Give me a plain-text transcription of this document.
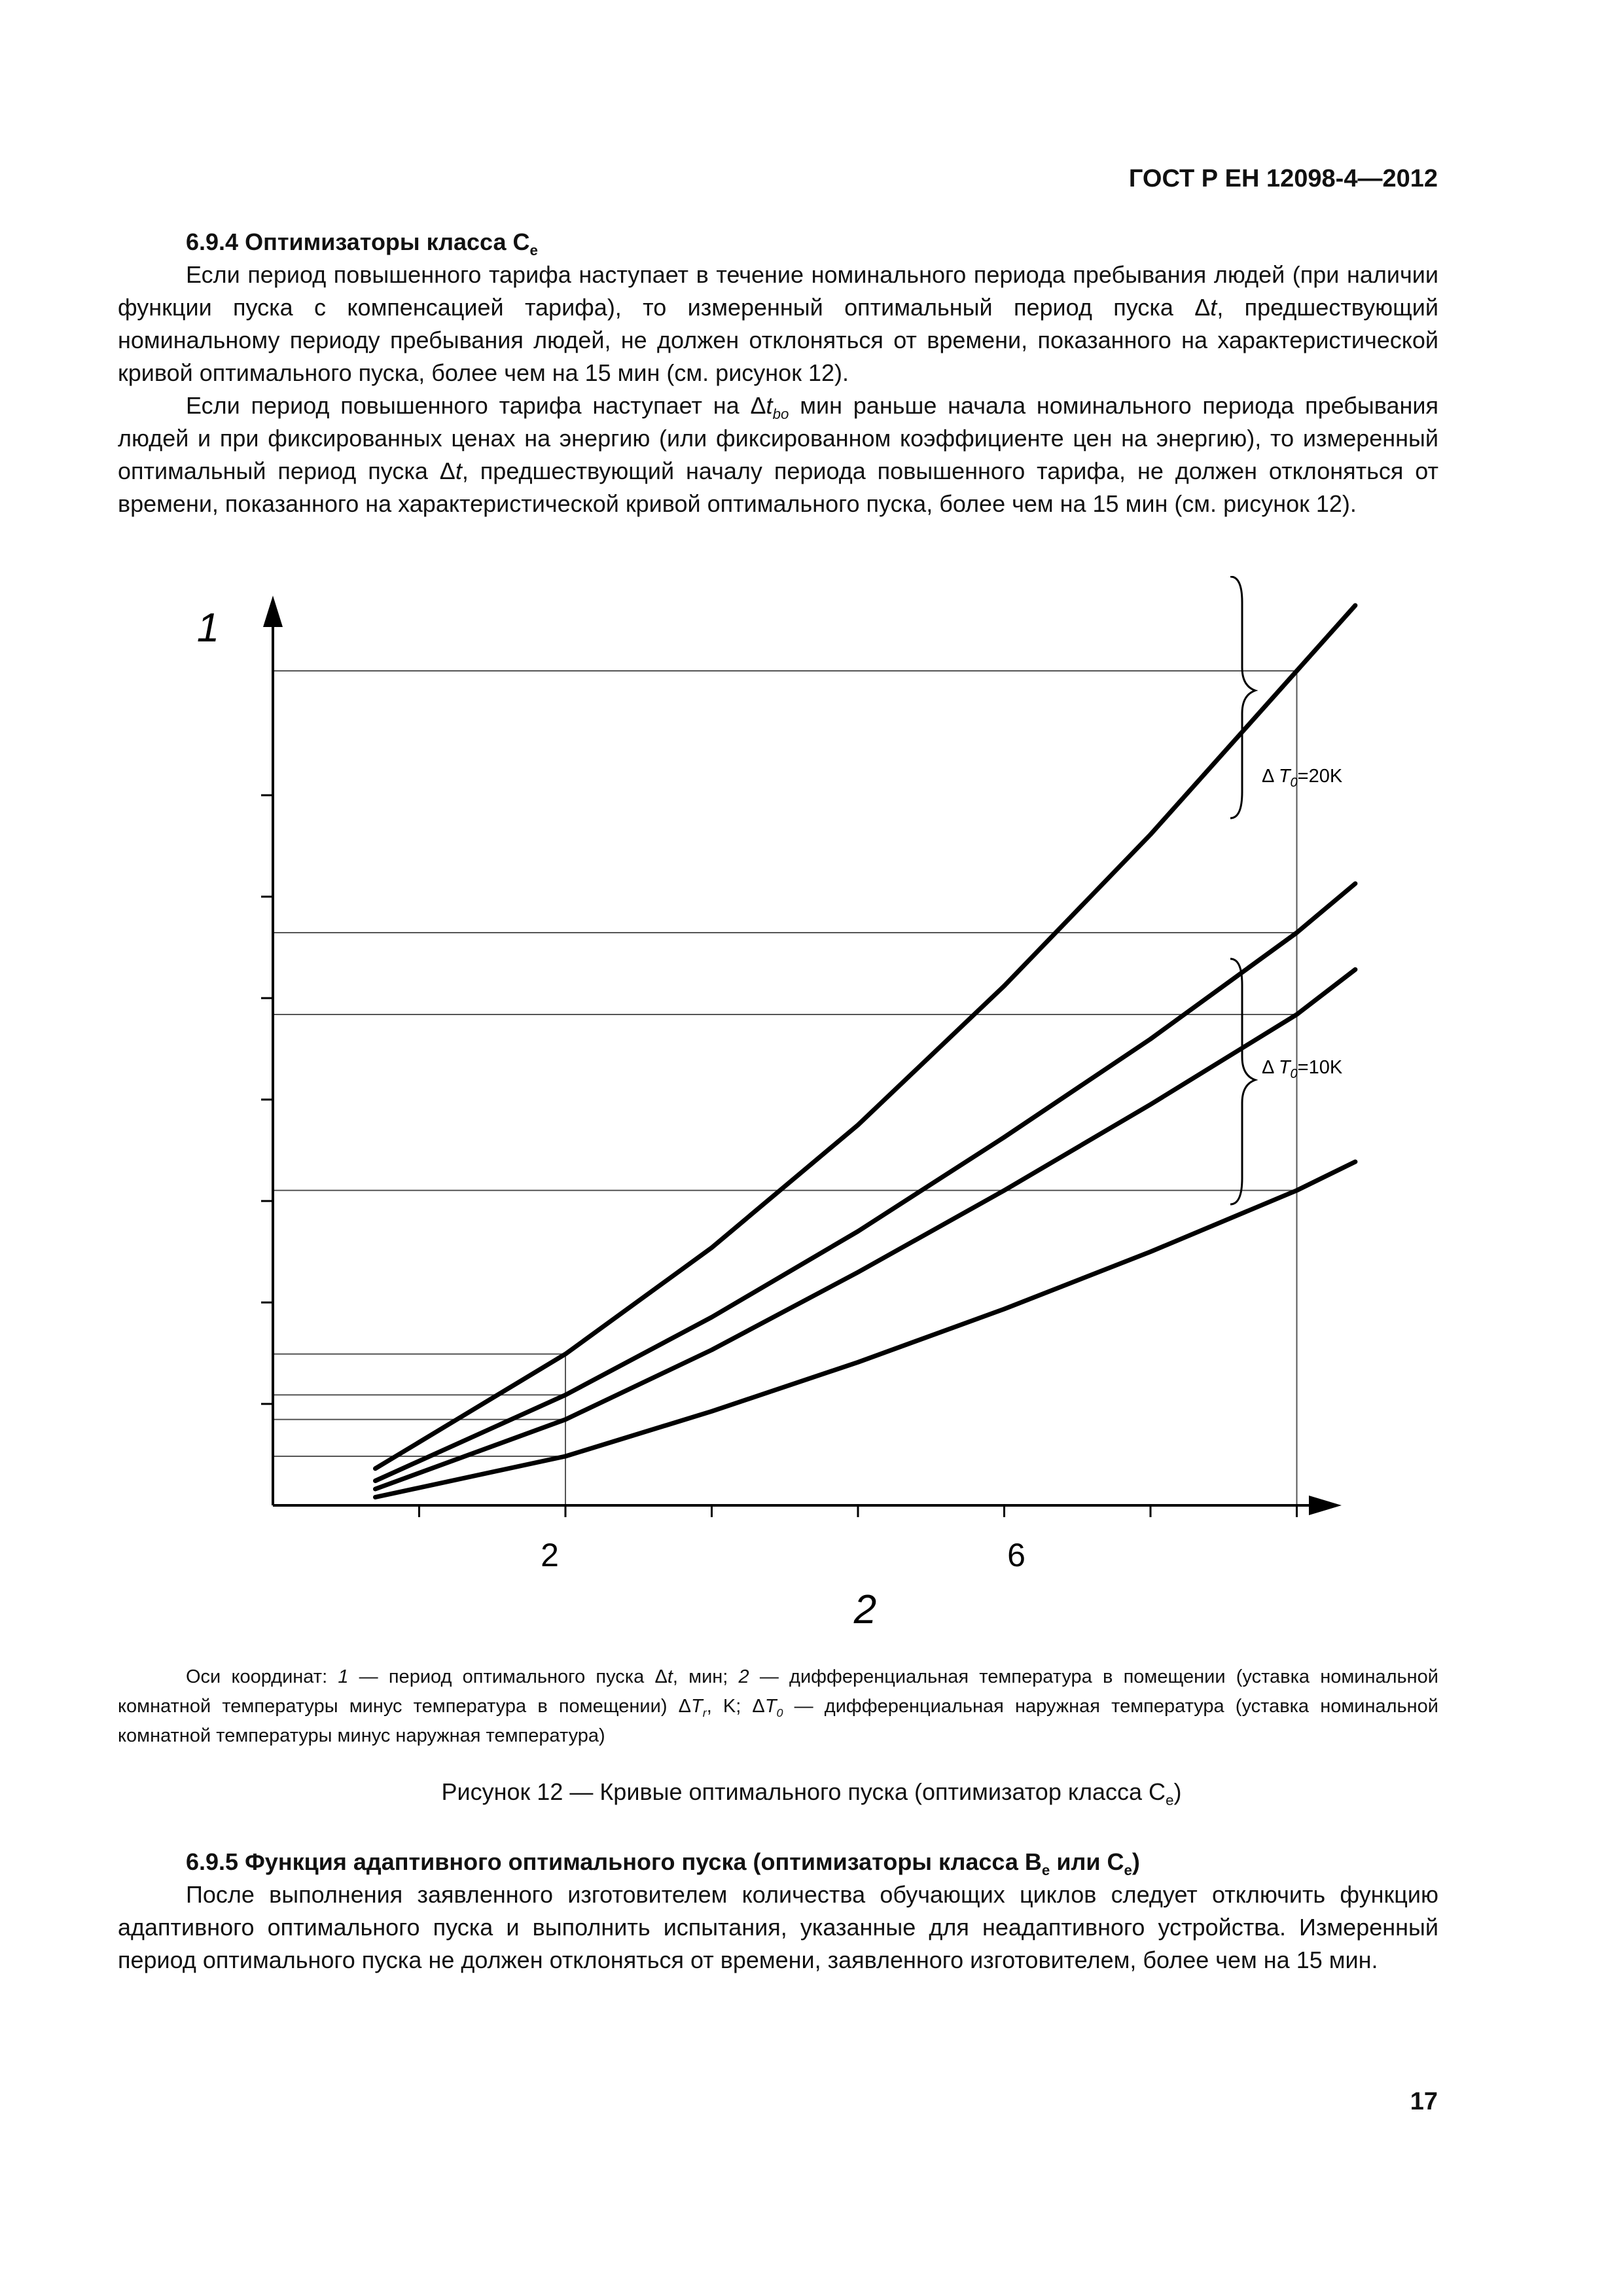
ГОСТ Р ЕН 12098-4—2012
6.9.4 Оптимизаторы класса $C_e$

Если период повышенного тарифа наступает в течение номинального периода пребывания людей (при наличии функции пуска с компенсацией тарифа), то измеренный оптимальный период пуска Δt, предшествующий номинальному периоду пребывания людей, не должен отклоняться от времени, показанного на характеристической кривой оптимального пуска, более чем на 15 мин (см. рисунок 12).

Если период повышенного тарифа наступает на $\Delta t_{bo}$ мин раньше начала номинального периода пребывания людей и при фиксированных ценах на энергию (или фиксированном коэффициенте цен на энергию), то измеренный оптимальный период пуска Δt, предшествующий началу периода повышенного тарифа, не должен отклоняться от времени, показанного на характеристической кривой оптимального пуска, более чем на 15 мин (см. рисунок 12).

Δ $T_0=20K$
Δ $T_0=10K$
2	6
1
2
Оси координат: 1 — период оптимального пуска Δt, мин; 2 — дифференциальная температура в помещении (уставка номинальной комнатной температуры минус температура в помещении) $\Delta T_r$, K; $\Delta T_0$ — дифференциальная наружная температура (уставка номинальной комнатной температуры минус наружная температура)
Рисунок 12 — Кривые оптимального пуска (оптимизатор класса $C_e$)
6.9.5 Функция адаптивного оптимального пуска (оптимизаторы класса $B_e$ или $C_e$)

После выполнения заявленного изготовителем количества обучающих циклов следует отключить функцию адаптивного оптимального пуска и выполнить испытания, указанные для неадаптивного устройства. Измеренный период оптимального пуска не должен отклоняться от времени, заявленного изготовителем, более чем на 15 мин.

17
